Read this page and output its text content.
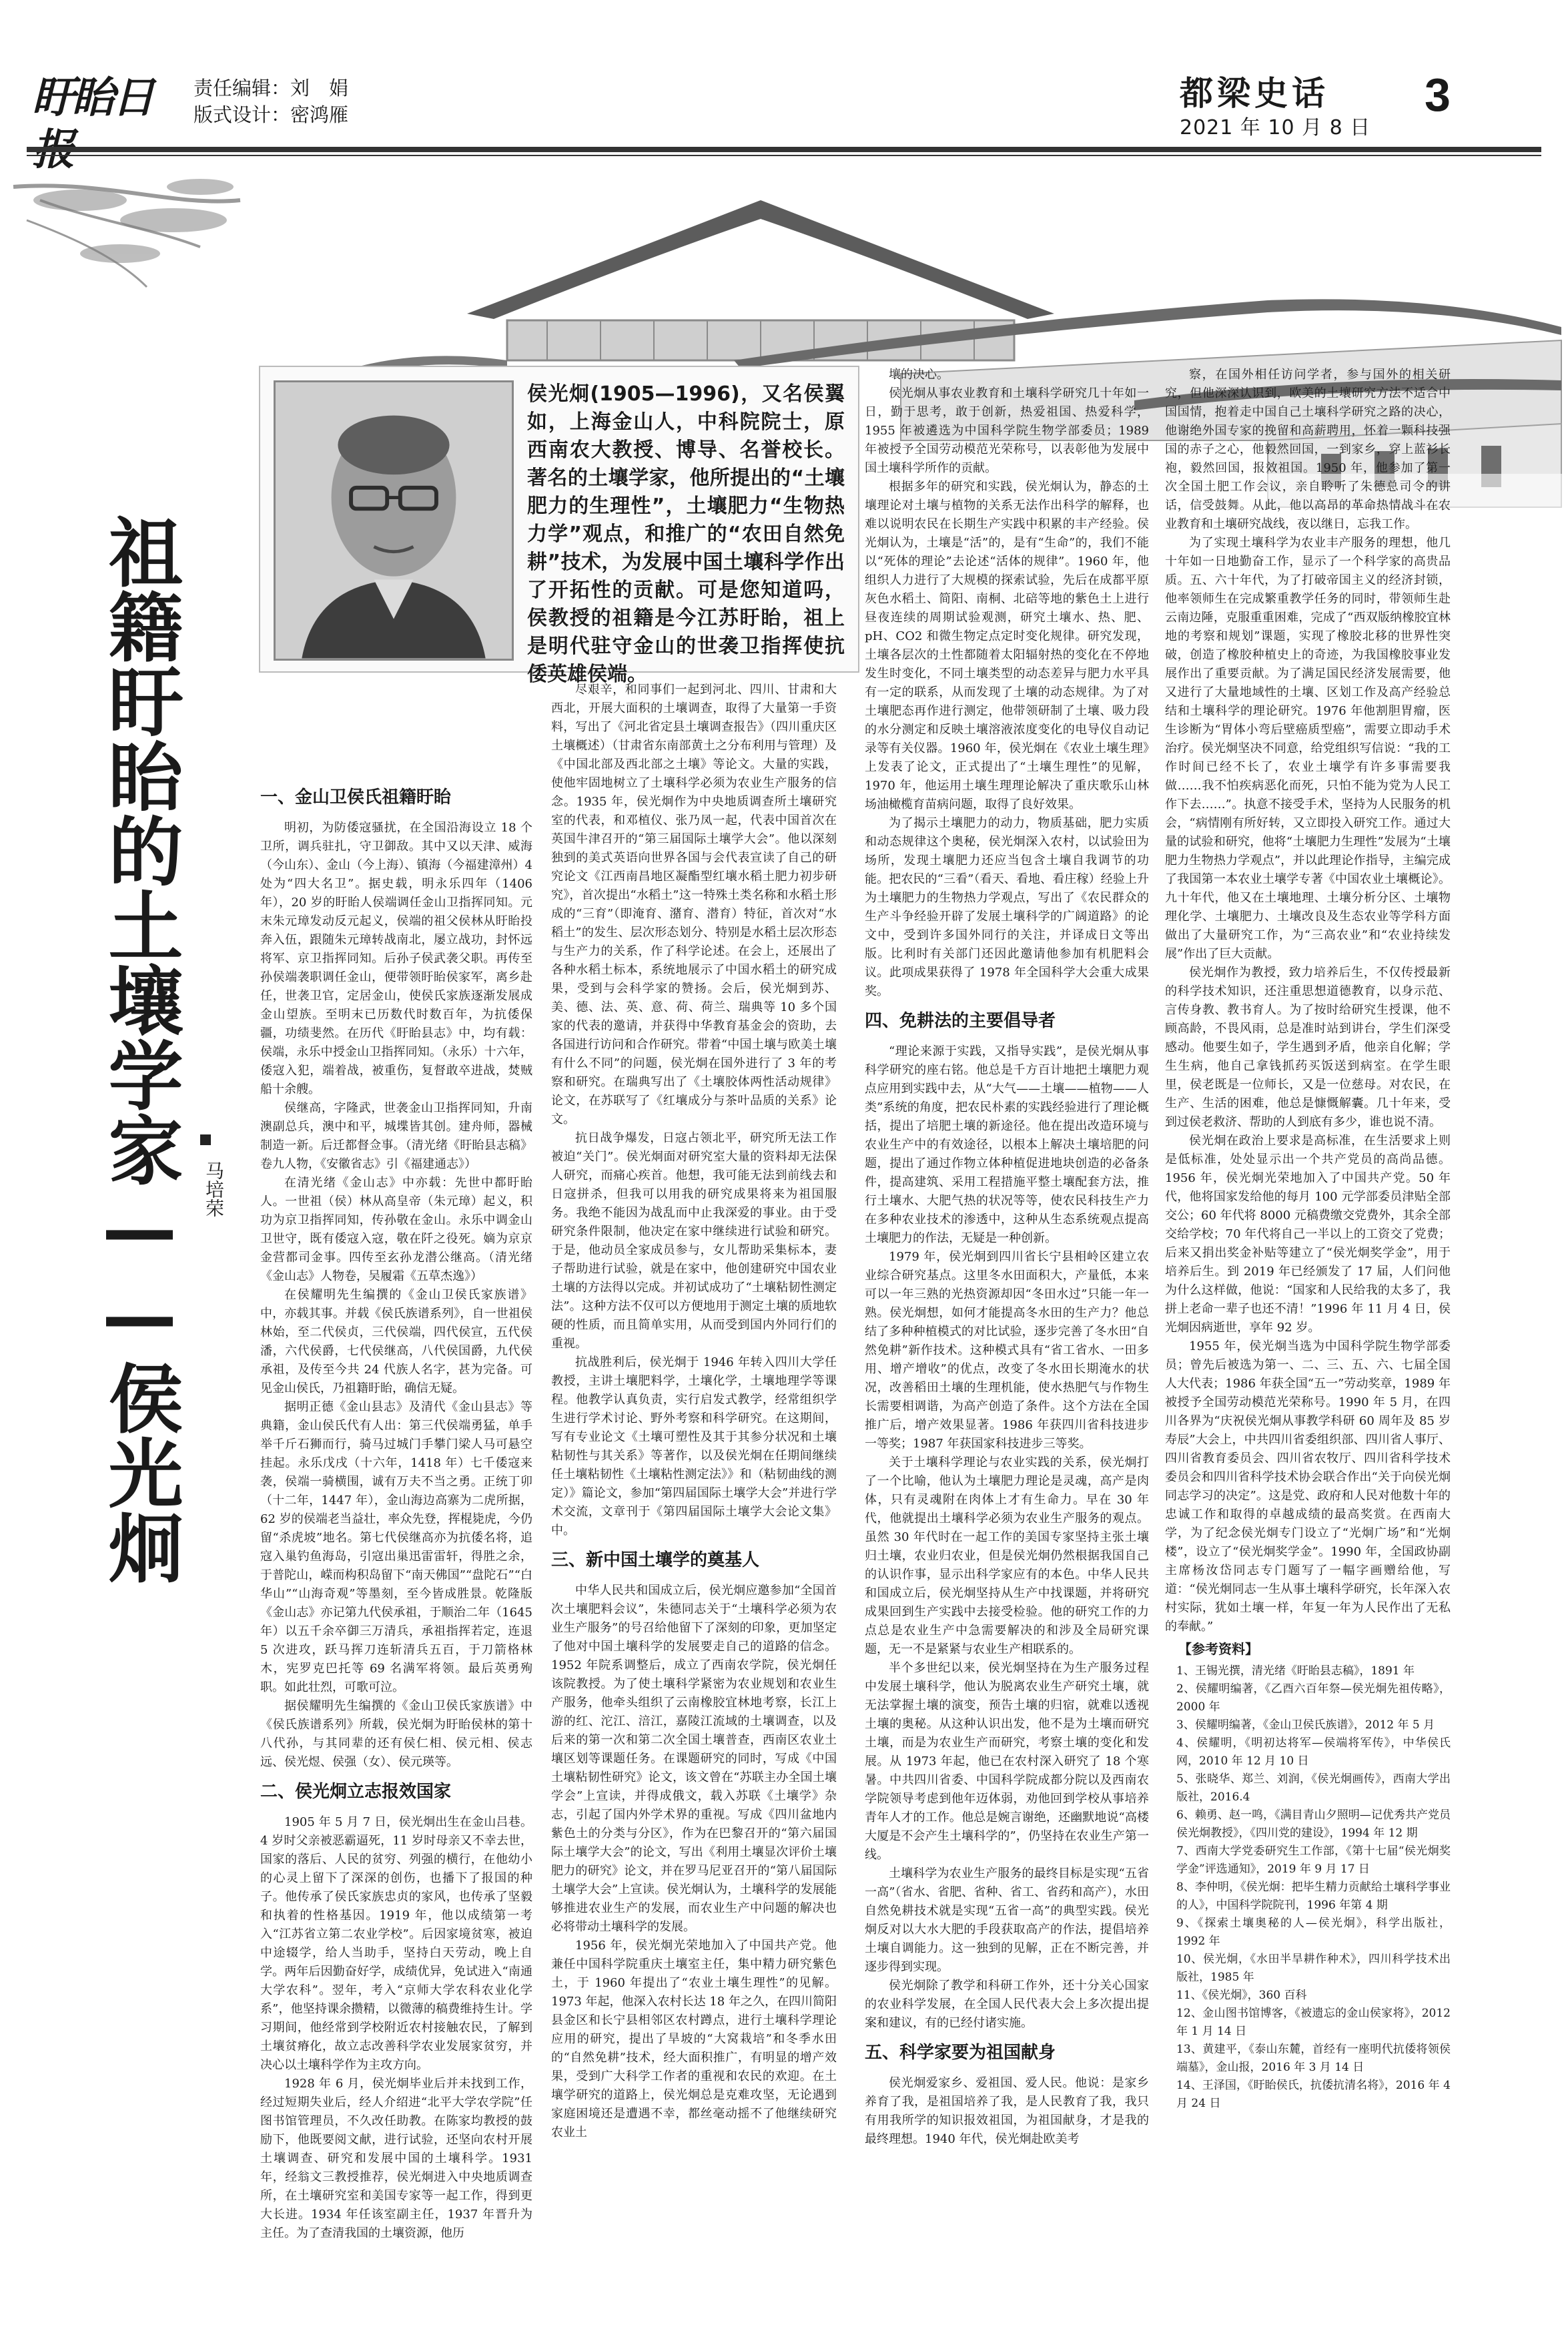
盱眙日	责任编辑：刘　娟
版式设计：密鸿雁
都梁史话
2021 年 10 月 8 日
3
祖籍盱眙的土壤学家——侯光炯 马培荣
侯光炯(1905—1996)，又名侯翼如，上海金山人，中科院院士，原西南农大教授、博导、名誉校长。著名的土壤学家，他所提出的“土壤肥力的生理性”，土壤肥力“生物热力学”观点，和推广的“农田自然免耕”技术，为发展中国土壤科学作出了开拓性的贡献。可是您知道吗，侯教授的祖籍是今江苏盱眙，祖上是明代驻守金山的世袭卫指挥使抗倭英雄侯端。
一、金山卫侯氏祖籍盱眙

明初，为防倭寇骚扰，在全国沿海设立 18 个卫所，调兵驻扎，守卫御敌。其中又以天津、威海（今山东）、金山（今上海）、镇海（今福建漳州）4 处为“四大名卫”。据史载，明永乐四年（1406 年），20 岁的盱眙人侯端调任金山卫指挥同知。元末朱元璋发动反元起义，侯端的祖父侯林从盱眙投奔入伍，跟随朱元璋转战南北，屡立战功，封怀远将军、京卫指挥同知。后孙子侯武袭父职。再传至孙侯端袭职调任金山，便带领盱眙侯家军，离乡赴任，世袭卫官，定居金山，使侯氏家族逐渐发展成金山望族。至明末已历数代时数百年，为抗倭保疆，功绩斐然。在历代《盱眙县志》中，均有载：侯端，永乐中授金山卫指挥同知。（永乐）十六年，倭寇入犯，端着战，被重伤，复督敢卒进战，焚贼船十余艘。

侯继高，字隆武，世袭金山卫指挥同知，升南澳副总兵，澳中和平，城堞皆其创。建舟师，器械制造一新。后迁都督佥事。（清光绪《盱眙县志稿》卷九人物，《安徽省志》引《福建通志》）

在清光绪《金山志》中亦载：先世中都盱眙人。一世祖（侯）林从高皇帝（朱元璋）起义，积功为京卫指挥同知，传孙敬在金山。永乐中调金山卫世守，既有倭寇入寇，敬在阡之役死。嫡为京京金营都司金事。四传至玄孙龙潜公继高。（清光绪《金山志》人物卷，吴履霜《五草杰逸》）

在侯耀明先生编撰的《金山卫侯氏家族谱》中，亦载其事。并载《侯氏族谱系列》，自一世祖侯林始，至二代侯贞，三代侯端，四代侯宣，五代侯潘，六代侯爵，七代侯继高，八代侯国爵，九代侯承祖，及传至今共 24 代族人名字，甚为完备。可见金山侯氏，乃祖籍盱眙，确信无疑。

据明正德《金山县志》及清代《金山县志》等典籍，金山侯氏代有人出：第三代侯端勇猛，单手举千斤石狮而行，骑马过城门手攀门梁人马可悬空挂起。永乐戊戌（十六年，1418 年）七千倭寇来袭，侯端一骑横围，诚有万夫不当之勇。正统丁卯（十二年，1447 年），金山海边高寨为二虎所据，62 岁的侯端老当益壮，率众先登，挥棍毙虎，今仍留“杀虎坡”地名。第七代侯继高亦为抗倭名将，追寇入巢钓鱼海岛，引寇出巢迅雷雷轩，得胜之余，于普陀山，嵘而构积岛留下“南天佛国”“盘陀石”“白华山”“山海奇观”等墨刻，至今皆成胜景。乾隆版《金山志》亦记第九代侯承祖，于顺治二年（1645 年）以五千余卒御三万清兵，承祖指挥若定，连退 5 次进攻，跃马挥刀连斩清兵五百，于刀箭格林木，宪罗克巴托等 69 名满军将领。最后英勇殉职。如此壮烈，可歌可泣。

据侯耀明先生编撰的《金山卫侯氏家族谱》中《侯氏族谱系列》所载，侯光炯为盱眙侯林的第十八代孙，与其同辈的还有侯仁相、侯元相、侯志远、侯光煜、侯强（女）、侯元瑛等。

二、侯光炯立志报效国家

1905 年 5 月 7 日，侯光炯出生在金山吕巷。4 岁时父亲被恶霸逼死，11 岁时母亲又不幸去世，国家的落后、人民的贫穷、列强的横行，在他幼小的心灵上留下了深深的创伤，也播下了报国的种子。他传承了侯氏家族忠贞的家风，也传承了坚毅和执着的性格基因。1919 年，他以成绩第一考入“江苏省立第二农业学校”。后因家境贫寒，被迫中途辍学，给人当助手，坚持白天劳动，晚上自学。两年后因勤奋好学，成绩优异，免试进入“南通大学农科”。翌年，考入“京师大学农科农业化学系”，他坚持课余攒精，以微薄的稿费维持生计。学习期间，他经常到学校附近农村接触农民，了解到土壤贫瘠化，故立志改善科学农业发展家贫穷，并决心以土壤科学作为主攻方向。

1928 年 6 月，侯光炯毕业后并未找到工作，经过短期失业后，经人介绍进“北平大学农学院”任图书馆管理员，不久改任助教。在陈家均教授的鼓励下，他既要阅文献，进行试验，还坚向农村开展土壤调查、研究和发展中国的土壤科学。1931 年，经翁文三教授推荐，侯光炯进入中央地质调查所，在土壤研究室和美国专家等一起工作，得到更大长进。1934 年任该室副主任，1937 年晋升为主任。为了查清我国的土壤资源，他历

尽艰辛，和同事们一起到河北、四川、甘肃和大西北，开展大面积的土壤调查，取得了大量第一手资料，写出了《河北省定县土壤调查报告》（四川重庆区土壤概述）（甘肃省东南部黄土之分布利用与管理）及《中国北部及西北部之土壤》等论文。大量的实践，使他牢固地树立了土壤科学必须为农业生产服务的信念。1935 年，侯光炯作为中央地质调查所土壤研究室的代表，和邓植仪、张乃凤一起，代表中国首次在英国牛津召开的“第三届国际土壤学大会”。他以深刻独到的美式英语向世界各国与会代表宣读了自己的研究论文《江西南昌地区凝酯型红壤水稻土肥力初步研究》，首次提出“水稻土”这一特殊土类名称和水稻土形成的“三育”（即淹育、潴育、潜育）特征，首次对“水稻土”的发生、层次形态划分、特别是水稻土层次形态与生产力的关系，作了科学论述。在会上，还展出了各种水稻土标本，系统地展示了中国水稻土的研究成果，受到与会科学家的赞扬。会后，侯光炯到苏、美、德、法、英、意、荷、荷兰、瑞典等 10 多个国家的代表的邀请，并获得中华教育基金会的资助，去各国进行访问和合作研究。带着“中国土壤与欧美土壤有什么不同”的问题，侯光炯在国外进行了 3 年的考察和研究。在瑞典写出了《土壤胶体两性活动规律》论文，在苏联写了《红壤成分与茶叶品质的关系》论文。

抗日战争爆发，日寇占领北平，研究所无法工作被迫“关门”。侯光炯面对研究室大量的资料却无法保人研究，而痛心疾首。他想，我可能无法到前线去和日寇拼杀，但我可以用我的研究成果将来为祖国服务。我绝不能因为战乱而中止我深爱的事业。由于受研究条件限制，他决定在家中继续进行试验和研究。于是，他动员全家成员参与，女儿帮助采集标本，妻子帮助进行试验，就是在家中，他创建研究中国农业土壤的方法得以完成。并初试成功了“土壤粘韧性测定法”。这种方法不仅可以方便地用于测定土壤的质地软硬的性质，而且简单实用，从而受到国内外同行们的重视。

抗战胜利后，侯光炯于 1946 年转入四川大学任教授，主讲土壤肥料学，土壤化学，土壤地理学等课程。他教学认真负责，实行启发式教学，经常组织学生进行学术讨论、野外考察和科学研究。在这期间，写有专业论文《土壤可塑性及其于其参分状况和土壤粘韧性与其关系》等著作，以及侯光炯在任期间继续任土壤粘韧性《土壤粘性测定法》》和（粘韧曲线的测定）》篇论文，参加“第四届国际土壤学大会”并进行学术交流，文章刊于《第四届国际土壤学大会论文集》中。

三、新中国土壤学的奠基人

中华人民共和国成立后，侯光炯应邀参加“全国首次土壤肥料会议”，朱德同志关于“土壤科学必须为农业生产服务”的号召给他留下了深刻的印象，更加坚定了他对中国土壤科学的发展要走自己的道路的信念。1952 年院系调整后，成立了西南农学院，侯光炯任该院教授。为了使土壤科学紧密为农业规划和农业生产服务，他牵头组织了云南橡胶宜林地考察，长江上游的红、沱江、涪江，嘉陵江流域的土壤调查，以及后来的第一次和第二次全国土壤普查，西南区农业土壤区划等课题任务。在课题研究的同时，写成《中国土壤粘韧性研究》论文，该文曾在“苏联主办全国土壤学会”上宣读，并得成俄文，载入苏联《土壤学》杂志，引起了国内外学术界的重视。写成《四川盆地内紫色土的分类与分区》，作为在巴黎召开的“第六届国际土壤学大会”的论文，写出《利用土壤显次评价土壤肥力的研究》论文，并在罗马尼亚召开的“第八届国际土壤学大会”上宣读。侯光炯认为，土壤科学的发展能够推进农业生产的发展，而农业生产中问题的解决也必将带动土壤科学的发展。

1956 年，侯光炯光荣地加入了中国共产党。他兼任中国科学院重庆土壤室主任，集中精力研究紫色土，于 1960 年提出了“农业土壤生理性”的见解。1973 年起，他深入农村长达 18 年之久，在四川简阳县金区和长宁县相邻区农村蹲点，进行土壤科学理论应用的研究，提出了旱坡的“大窝栽培”和冬季水田的“自然免耕”技术，经大面积推广，有明显的增产效果，受到广大科学工作者的重视和农民的欢迎。在土壤学研究的道路上，侯光炯总是克难攻坚，无论遇到家庭困境还是遭遇不幸，都丝毫动摇不了他继续研究农业土

壤的决心。

侯光炯从事农业教育和土壤科学研究几十年如一日，勤于思考，敢于创新，热爱祖国、热爱科学，1955 年被遴选为中国科学院生物学部委员；1989 年被授予全国劳动模范光荣称号，以表彰他为发展中国土壤科学所作的贡献。

根据多年的研究和实践，侯光炯认为，静态的土壤理论对土壤与植物的关系无法作出科学的解释，也难以说明农民在长期生产实践中积累的丰产经验。侯光炯认为，土壤是“活”的，是有“生命”的，我们不能以“死体的理论”去论述“活体的规律”。1960 年，他组织人力进行了大规模的探索试验，先后在成都平原灰色水稻土、简阳、南桐、北碚等地的紫色土上进行昼夜连续的周期试验观测，研究土壤水、热、肥、pH、CO2 和微生物定点定时变化规律。研究发现，土壤各层次的土性都随着太阳辐射热的变化在不停地发生时变化，不同土壤类型的动态差异与肥力水平具有一定的联系，从而发现了土壤的动态规律。为了对土壤肥态再作进行测定，他带领研制了土壤、吸力段的水分测定和反映土壤溶液浓度变化的电导仪自动记录等有关仪器。1960 年，侯光炯在《农业土壤生理》上发表了论文，正式提出了“土壤生理性”的见解，1970 年，他运用土壤生理理论解决了重庆歌乐山林场油橄榄育苗病问题，取得了良好效果。

为了揭示土壤肥力的动力，物质基础，肥力实质和动态规律这个奥秘，侯光炯深入农村，以试验田为场所，发现土壤肥力还应当包含土壤自我调节的功能。把农民的“三看”（看天、看地、看庄稼）经验上升为土壤肥力的生物热力学观点，写出了《农民群众的生产斗争经验开辟了发展土壤科学的广阔道路》的论文中，受到许多国外同行的关注，并译成日文等出版。比利时有关部门还因此邀请他参加有机肥料会议。此项成果获得了 1978 年全国科学大会重大成果奖。

四、免耕法的主要倡导者

“理论来源于实践，又指导实践”，是侯光炯从事科学研究的座右铭。他总是千方百计地把土壤肥力观点应用到实践中去，从“大气——土壤——植物——人类”系统的角度，把农民朴素的实践经验进行了理论概括，提出了培肥土壤的新途径。他在提出改造环境与农业生产中的有效途径，以根本上解决土壤培肥的问题，提出了通过作物立体种植促进地块创造的必备条件，提高建筑、采用工程措施平整土壤配套方法，推行土壤水、大肥气热的状况等等，使农民科技生产力在多种农业技术的渗透中，这种从生态系统观点提高土壤肥力的作法，无疑是一种创新。

1979 年，侯光炯到四川省长宁县相岭区建立农业综合研究基点。这里冬水田面积大，产量低，本来可以一年三熟的光热资源却因“冬田水过”只能一年一熟。侯光炯想，如何才能提高冬水田的生产力？他总结了多种种植模式的对比试验，逐步完善了冬水田“自然免耕”新作技术。这种模式具有“省工省水、一田多用、增产增收”的优点，改变了冬水田长期淹水的状况，改善稻田土壤的生理机能，使水热肥气与作物生长需要相调谐，为高产创造了条件。这个方法在全国推广后，增产效果显著。1986 年获四川省科技进步一等奖；1987 年获国家科技进步三等奖。

关于土壤科学理论与农业实践的关系，侯光炯打了一个比喻，他认为土壤肥力理论是灵魂，高产是肉体，只有灵魂附在肉体上才有生命力。早在 30 年代，他就提出土壤科学必须为农业生产服务的观点。虽然 30 年代时在一起工作的美国专家坚持主张土壤归土壤，农业归农业，但是侯光炯仍然根据我国自己的认识作事，显示出科学家应有的本色。中华人民共和国成立后，侯光炯坚持从生产中找课题，并将研究成果回到生产实践中去接受检验。他的研究工作的力点总是农业生产中急需要解决的和涉及全局研究课题，无一不是紧紧与农业生产相联系的。

半个多世纪以来，侯光炯坚持在为生产服务过程中发展土壤科学，他认为脱离农业生产研究土壤，就无法掌握土壤的演变，预告土壤的归宿，就难以透视土壤的奥秘。从这种认识出发，他不是为土壤而研究土壤，而是为农业生产而研究，考察土壤的变化和发展。从 1973 年起，他已在农村深入研究了 18 个寒暑。中共四川省委、中国科学院成都分院以及西南农学院领导考虑到他年迈体弱，劝他回到学校从事培养青年人才的工作。他总是婉言谢绝，还幽默地说“高楼大厦是不会产生土壤科学的”，仍坚持在农业生产第一线。

土壤科学为农业生产服务的最终目标是实现“五省一高”（省水、省肥、省种、省工、省药和高产），水田自然免耕技术就是实现“五省一高”的典型实践。侯光炯反对以大水大肥的手段获取高产的作法，提倡培养土壤自调能力。这一独到的见解，正在不断完善，并逐步得到实现。

侯光炯除了教学和科研工作外，还十分关心国家的农业科学发展，在全国人民代表大会上多次提出提案和建议，有的已经付诸实施。

五、科学家要为祖国献身

侯光炯爱家乡、爱祖国、爱人民。他说：是家乡养育了我，是祖国培养了我，是人民教育了我，我只有用我所学的知识报效祖国，为祖国献身，才是我的最终理想。1940 年代，侯光炯赴欧美考

察，在国外相任访问学者，参与国外的相关研究，但他深深认识到，欧美的土壤研究方法不适合中国国情，抱着走中国自己土壤科学研究之路的决心，他谢绝外国专家的挽留和高薪聘用，怀着一颗科技强国的赤子之心，他毅然回国，一到家乡，穿上蓝衫长袍，毅然回国，报效祖国。1950 年，他参加了第一次全国土肥工作会议，亲自聆听了朱德总司令的讲话，信受鼓舞。从此，他以高昂的革命热情战斗在农业教育和土壤研究战线，夜以继日，忘我工作。

为了实现土壤科学为农业丰产服务的理想，他几十年如一日地勤奋工作，显示了一个科学家的高贵品质。五、六十年代，为了打破帝国主义的经济封锁，他率领师生在完成繁重教学任务的同时，带领师生赴云南边陲，克服重重困难，完成了“西双版纳橡胶宜林地的考察和规划”课题，实现了橡胶北移的世界性突破，创造了橡胶种植史上的奇迹，为我国橡胶事业发展作出了重要贡献。为了满足国民经济发展需要，他又进行了大量地域性的土壤、区划工作及高产经验总结和土壤科学的理论研究。1976 年他割胆胃瘤，医生诊断为“胃体小弯后壁癌质型癌”，需要立即动手术治疗。侯光炯坚决不同意，给党组织写信说：“我的工作时间已经不长了，农业土壤学有许多事需要我做……我不怕疾病恶化而死，只怕不能为党为人民工作下去……”。执意不接受手术，坚持为人民服务的机会，“病情刚有所好转，又立即投入研究工作。通过大量的试验和研究，他将“土壤肥力生理性”发展为“土壤肥力生物热力学观点”，并以此理论作指导，主编完成了我国第一本农业土壤学专著《中国农业土壤概论》。九十年代，他又在土壤地理、土壤分析分区、土壤物理化学、土壤肥力、土壤改良及生态农业等学科方面做出了大量研究工作，为“三高农业”和“农业持续发展”作出了巨大贡献。

侯光炯作为教授，致力培养后生，不仅传授最新的科学技术知识，还注重思想道德教育，以身示范、言传身教、教书育人。为了按时给研究生授课，他不顾高龄，不畏风雨，总是准时站到讲台，学生们深受感动。他要生如子，学生遇到矛盾，他亲自化解；学生生病，他自己拿钱抓药买饭送到病室。在学生眼里，侯老既是一位师长，又是一位慈母。对农民，在生产、生活的困难，他总是慷慨解囊。几十年来，受到过侯老救济、帮助的人到底有多少，谁也说不清。

侯光炯在政治上要求是高标准，在生活要求上则是低标准，处处显示出一个共产党员的高尚品德。1956 年，侯光炯光荣地加入了中国共产党。50 年代，他将国家发给他的每月 100 元学部委员津贴全部交公；60 年代将 8000 元稿费缴交党费外，其余全部交给学校；70 年代将自己一半以上的工资交了党费；后来又捐出奖金补贴等建立了“侯光炯奖学金”，用于培养后生。到 2019 年已经颁发了 17 届，人们问他为什么这样做，他说：“国家和人民给我的太多了，我拼上老命一辈子也还不清！”1996 年 11 月 4 日，侯光炯因病逝世，享年 92 岁。

1955 年，侯光炯当选为中国科学院生物学部委员；曾先后被选为第一、二、三、五、六、七届全国人大代表；1986 年获全国“五一”劳动奖章，1989 年被授予全国劳动模范光荣称号。1990 年 5 月，在四川各界为“庆祝侯光炯从事教学科研 60 周年及 85 岁寿辰”大会上，中共四川省委组织部、四川省人事厅、四川省教育委员会、四川省农牧厅、四川省科学技术委员会和四川省科学技术协会联合作出“关于向侯光炯同志学习的决定”。这是党、政府和人民对他数十年的忠诚工作和取得的卓越成绩的最高奖赏。在西南大学，为了纪念侯光炯专门设立了“光炯广场”和“光炯楼”，设立了“侯光炯奖学金”。1990 年，全国政协副主席杨汝岱同志专门题写了一幅字画赠给他，写道：“侯光炯同志一生从事土壤科学研究，长年深入农村实际，犹如土壤一样，年复一年为人民作出了无私的奉献。”

【参考资料】
1、王锡光撰，清光绪《盱眙县志稿》，1891 年
2、侯耀明编著，《乙酉六百年祭—侯光炯先祖传略》，2000 年
3、侯耀明编著，《金山卫侯氏族谱》，2012 年 5 月
4、侯耀明，《明初达将军—侯端将军传》，中华侯氏网，2010 年 12 月 10 日
5、张晓华、郑兰、刘润，《侯光炯画传》，西南大学出版社，2016.4
6、赖勇、赵一鸣，《满目青山夕照明—记优秀共产党员侯光炯教授》，《四川党的建设》，1994 年 12 期
7、西南大学党委研究生工作部，《第十七届“侯光炯奖学金”评选通知》，2019 年 9 月 17 日
8、李仲明，《侯光炯：把毕生精力贡献给土壤科学事业的人》，中国科学院院刊，1996 年第 4 期
9、《探索土壤奥秘的人—侯光炯》，科学出版社，1992 年
10、侯光炯，《水田半旱耕作种术》，四川科学技术出版社，1985 年
11、《侯光炯》，360 百科
12、金山图书馆博客，《被遗忘的金山侯家将》，2012 年 1 月 14 日
13、黄建平，《泰山东麓，首经有一座明代抗倭将领侯端墓》，金山报，2016 年 3 月 14 日
14、王泽国，《盱眙侯氏，抗倭抗清名将》，2016 年 4 月 24 日
